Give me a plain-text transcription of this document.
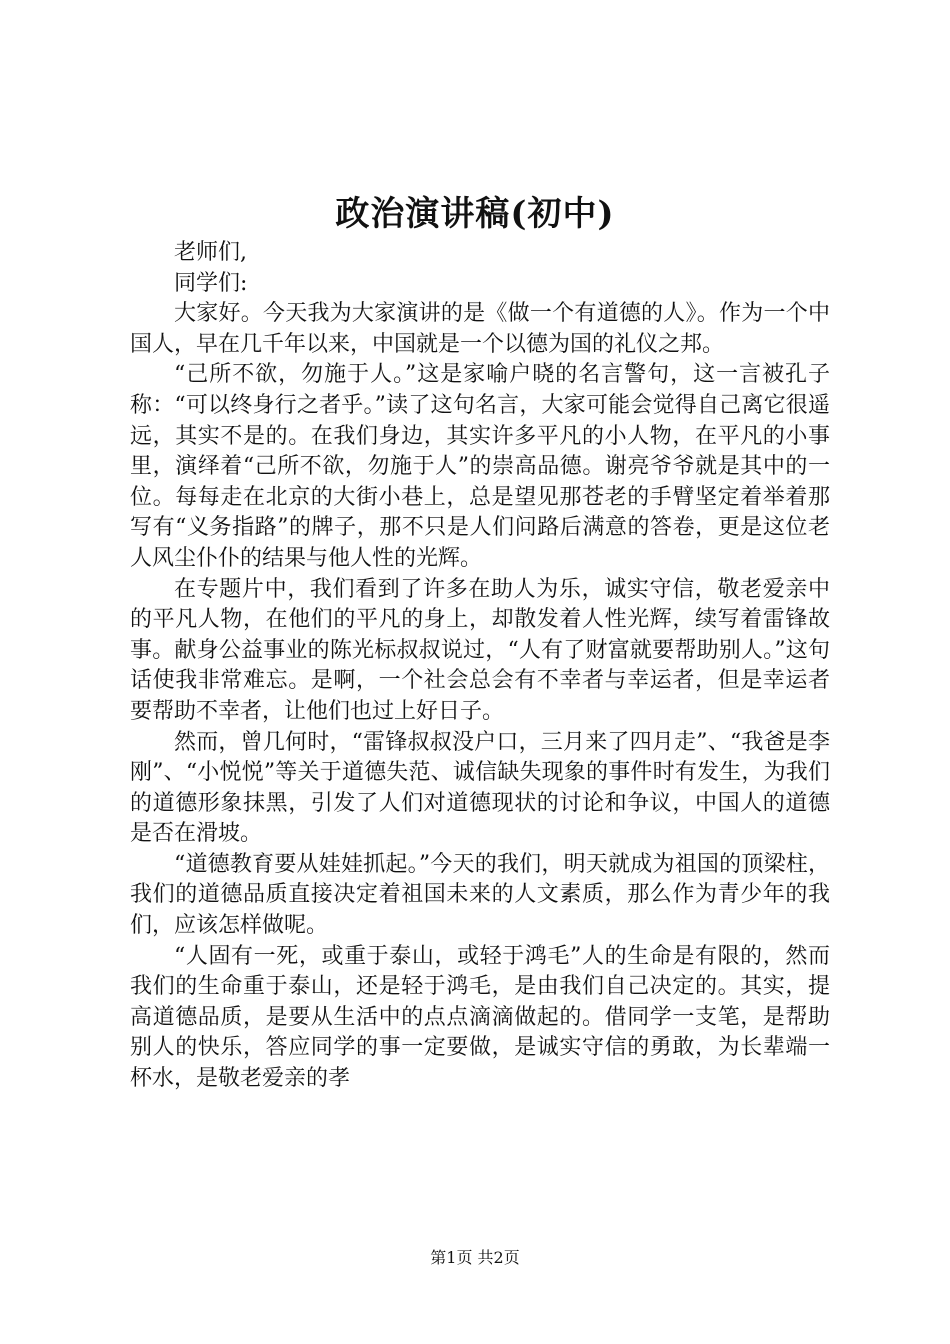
政治演讲稿(初中)

老师们,

同学们:

大家好。今天我为大家演讲的是《做一个有道德的人》。作为一个中国人，早在几千年以来，中国就是一个以德为国的礼仪之邦。

“己所不欲，勿施于人。”这是家喻户晓的名言警句，这一言被孔子称：“可以终身行之者乎。”读了这句名言，大家可能会觉得自己离它很遥远，其实不是的。在我们身边，其实许多平凡的小人物，在平凡的小事里，演绎着“己所不欲，勿施于人”的崇高品德。谢亮爷爷就是其中的一位。每每走在北京的大街小巷上，总是望见那苍老的手臂坚定着举着那写有“义务指路”的牌子，那不只是人们问路后满意的答卷，更是这位老人风尘仆仆的结果与他人性的光辉。

在专题片中，我们看到了许多在助人为乐，诚实守信，敬老爱亲中的平凡人物，在他们的平凡的身上，却散发着人性光辉，续写着雷锋故事。献身公益事业的陈光标叔叔说过，“人有了财富就要帮助别人。”这句话使我非常难忘。是啊，一个社会总会有不幸者与幸运者，但是幸运者要帮助不幸者，让他们也过上好日子。

然而，曾几何时，“雷锋叔叔没户口，三月来了四月走”、“我爸是李刚”、“小悦悦”等关于道德失范、诚信缺失现象的事件时有发生，为我们的道德形象抹黑，引发了人们对道德现状的讨论和争议，中国人的道德是否在滑坡。

“道德教育要从娃娃抓起。”今天的我们，明天就成为祖国的顶梁柱，我们的道德品质直接决定着祖国未来的人文素质，那么作为青少年的我们，应该怎样做呢。

“人固有一死，或重于泰山，或轻于鸿毛”人的生命是有限的，然而我们的生命重于泰山，还是轻于鸿毛，是由我们自己决定的。其实，提高道德品质，是要从生活中的点点滴滴做起的。借同学一支笔，是帮助别人的快乐，答应同学的事一定要做，是诚实守信的勇敢，为长辈端一杯水，是敬老爱亲的孝

第1页 共2页
